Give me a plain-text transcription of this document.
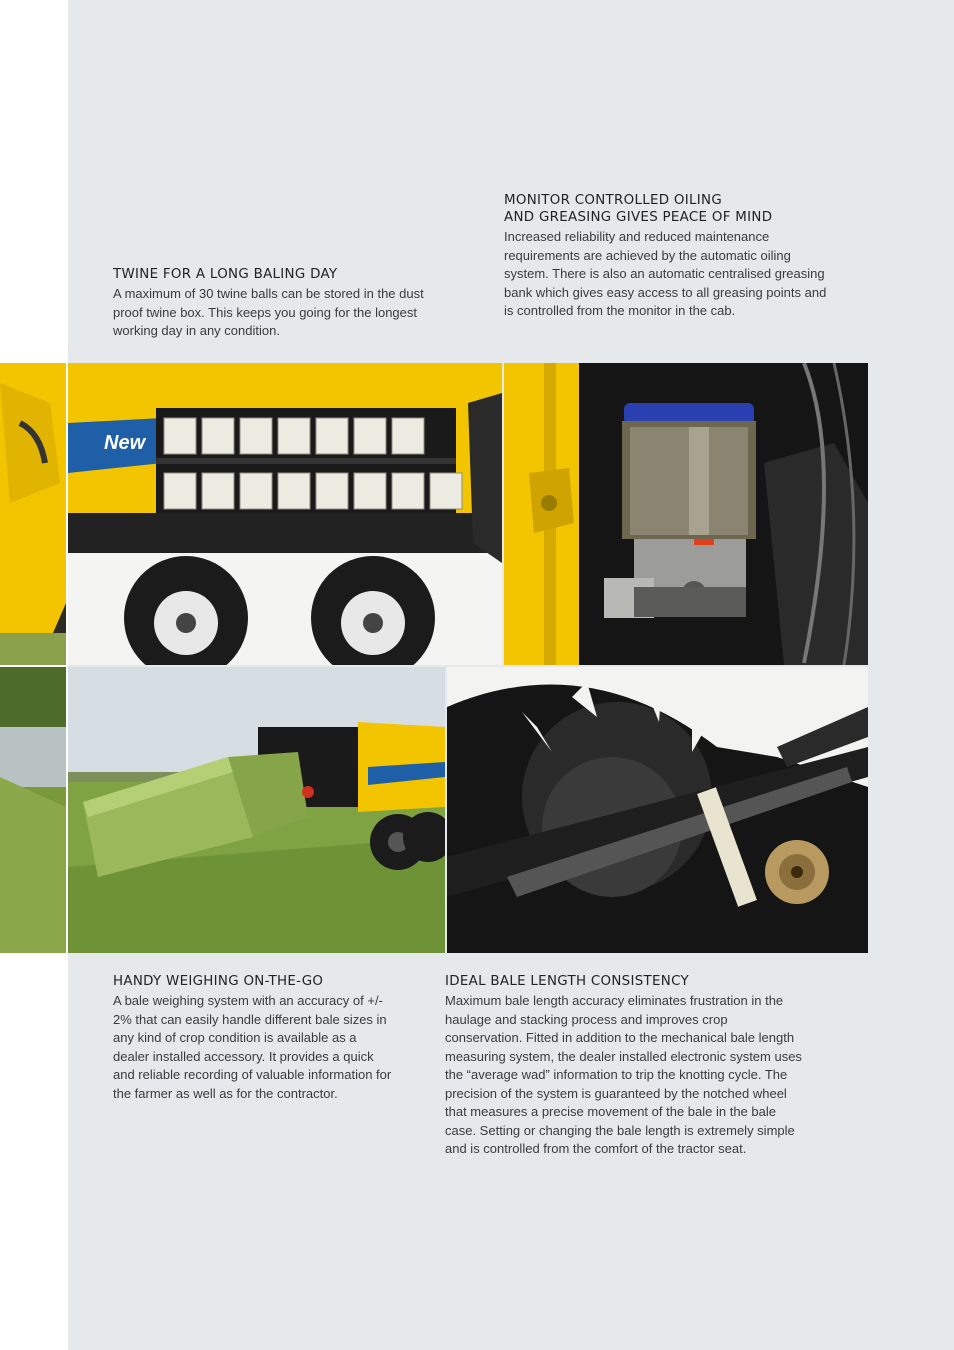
TWINE FOR A LONG BALING DAY

A maximum of 30 twine balls can be stored in the dust proof twine box. This keeps you going for the longest working day in any condition.

MONITOR CONTROLLED OILING
AND GREASING GIVES PEACE OF MIND

Increased reliability and reduced maintenance requirements are achieved by the automatic oiling system. There is also an automatic centralised greasing bank which gives easy access to all greasing points and is controlled from the monitor in the cab.

HANDY WEIGHING ON-THE-GO

A bale weighing system with an accuracy of +/- 2% that can easily handle different bale sizes in any kind of crop condition is available as a dealer installed accessory. It provides a quick and reliable recording of valuable information for the farmer as well as for the contractor.

IDEAL BALE LENGTH CONSISTENCY

Maximum bale length accuracy eliminates frustration in the haulage and stacking process and improves crop conservation. Fitted in addition to the mechanical bale length measuring system, the dealer installed electronic system uses the “average wad” information to trip the knotting cycle. The precision of the system is guaranteed by the notched wheel that measures a precise movement of the bale in the bale case. Setting or changing the bale length is extremely simple and is controlled from the comfort of the tractor seat.

New
